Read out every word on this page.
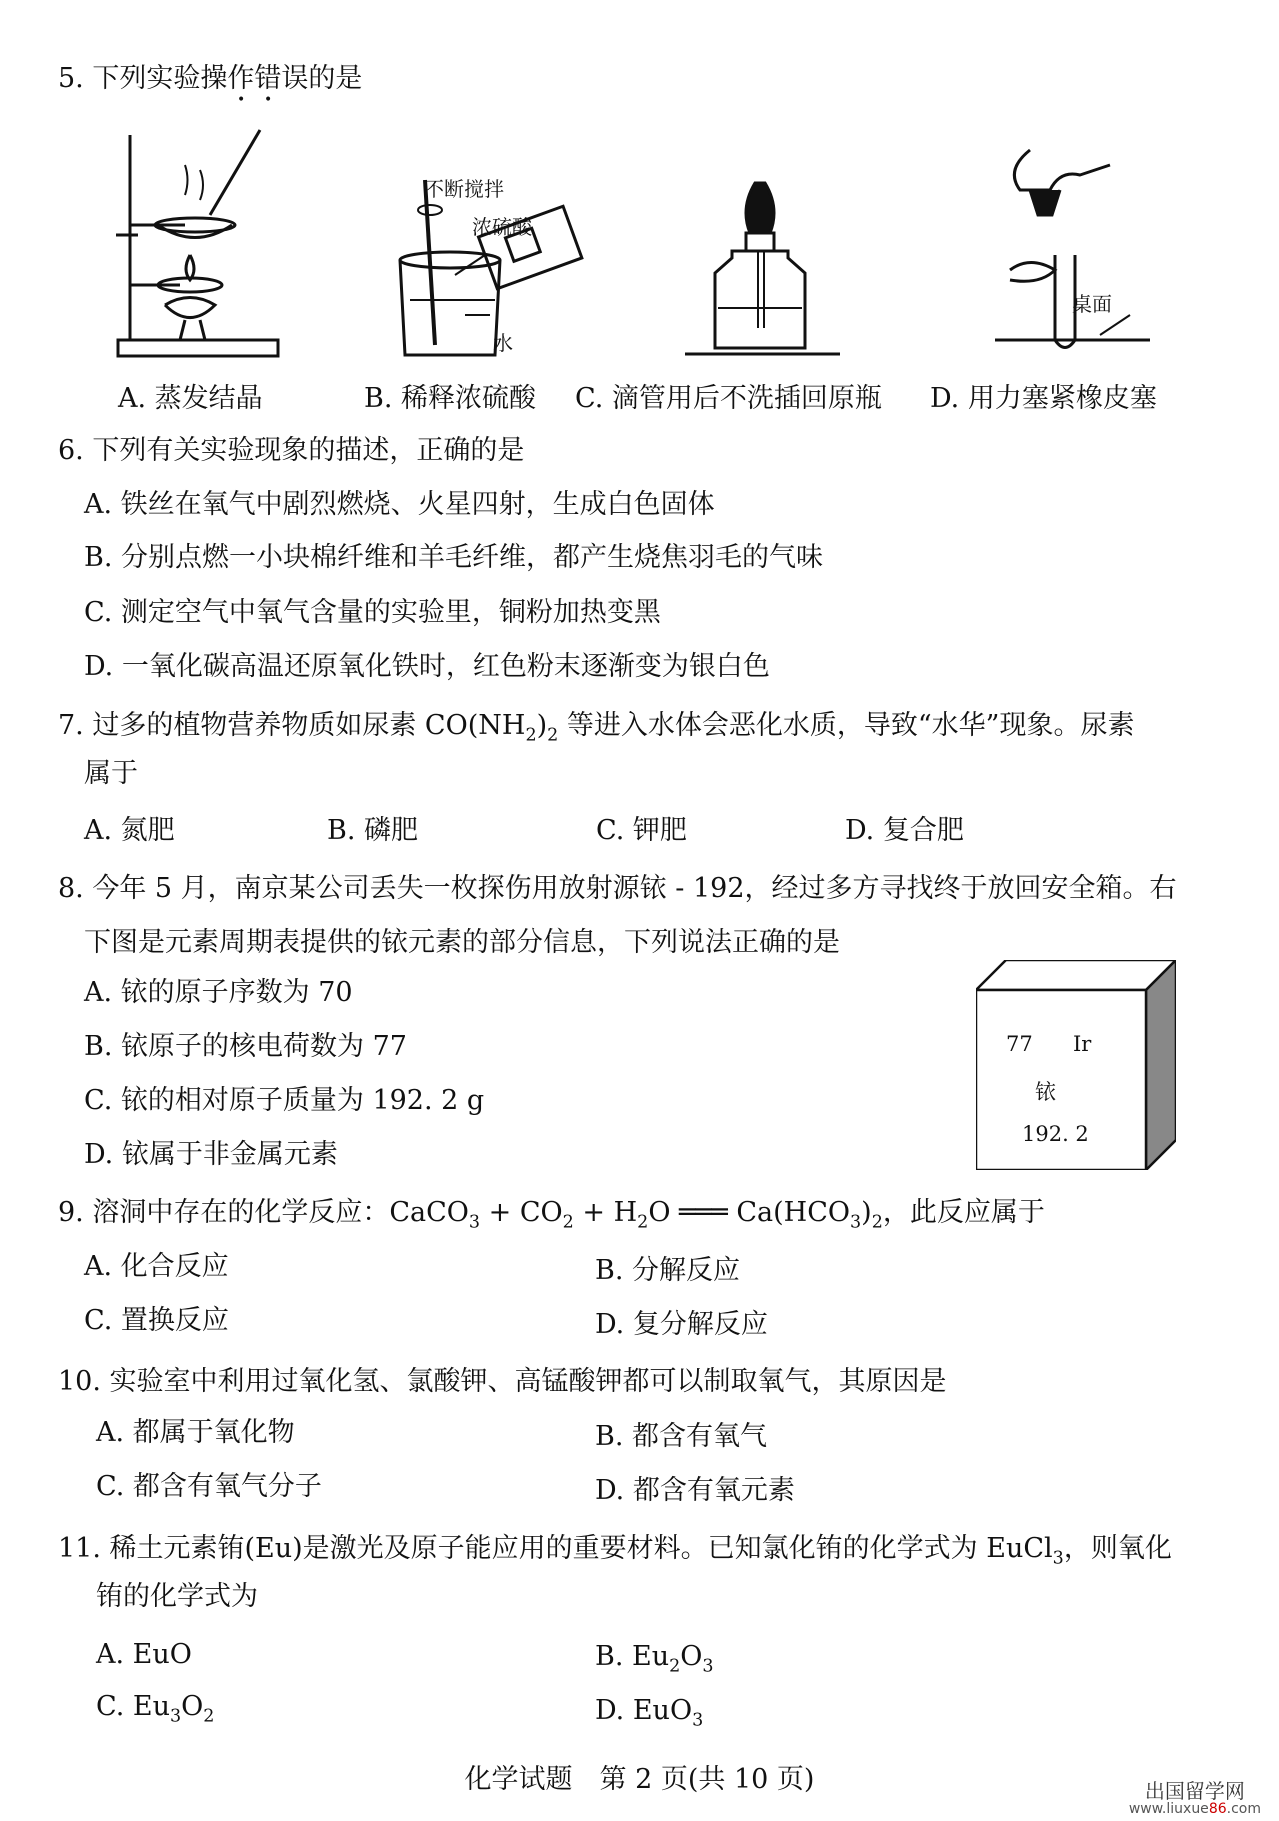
5. 下列实验操作错误的是
• •
不断搅拌
浓硫酸
水
桌面
A. 蒸发结晶	B. 稀释浓硫酸 C. 滴管用后不洗插回原瓶 D. 用力塞紧橡皮塞
6. 下列有关实验现象的描述，正确的是
A. 铁丝在氧气中剧烈燃烧、火星四射，生成白色固体
B. 分别点燃一小块棉纤维和羊毛纤维，都产生烧焦羽毛的气味
C. 测定空气中氧气含量的实验里，铜粉加热变黑
D. 一氧化碳高温还原氧化铁时，红色粉末逐渐变为银白色
7. 过多的植物营养物质如尿素 $CO(NH_2)_2$ 等进入水体会恶化水质，导致“水华”现象。尿素
属于
A. 氮肥	B. 磷肥	C. 钾肥	D. 复合肥
8. 今年 5 月，南京某公司丢失一枚探伤用放射源铱 - 192，经过多方寻找终于放回安全箱。右
下图是元素周期表提供的铱元素的部分信息，下列说法正确的是
A. 铱的原子序数为 70
B. 铱原子的核电荷数为 77
C. 铱的相对原子质量为 192. 2 g
D. 铱属于非金属元素
77 Ir
铱
192. 2
9. 溶洞中存在的化学反应：CaCO$_3$ + $CO_2 + H_2O$ ═══ $Ca(HCO_3)_2$，此反应属于
A. 化合反应	B. 分解反应
C. 置换反应	D. 复分解反应
10. 实验室中利用过氧化氢、氯酸钾、高锰酸钾都可以制取氧气，其原因是
A. 都属于氧化物	B. 都含有氧气
C. 都含有氧气分子	D. 都含有氧元素
11. 稀土元素铕(Eu)是激光及原子能应用的重要材料。已知氯化铕的化学式为 EuCl$_3$，则氧化
铕的化学式为
A. EuO	B. $Eu_2O_3$
C. $Eu_3O_2$	D. EuO$_3$
化学试题　第 2 页(共 10 页)	出国留学网
www.liuxue86.com
